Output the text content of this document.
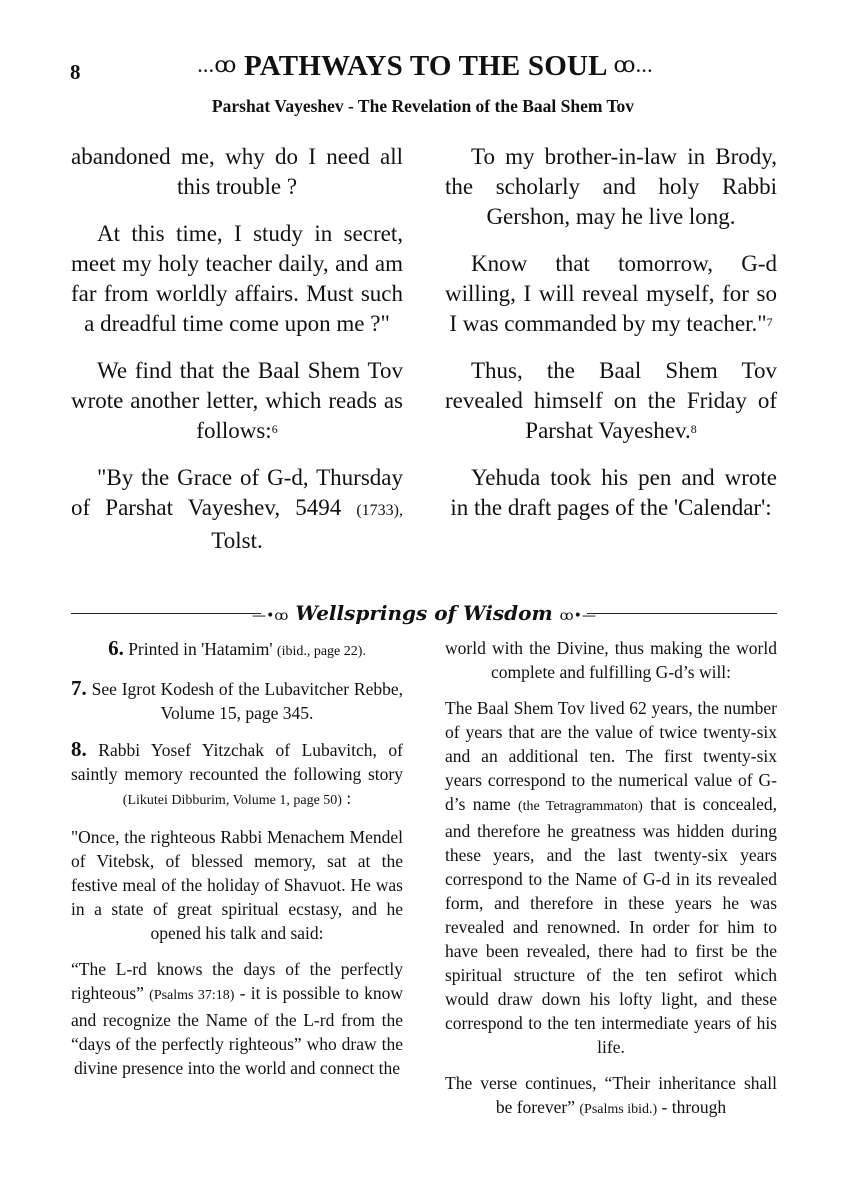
8	...ꝏ PATHWAYS TO THE SOUL ꝏ...
Parshat Vayeshev - The Revelation of the Baal Shem Tov

abandoned me, why do I need all this trouble ?

At this time, I study in secret, meet my holy teacher daily, and am far from worldly affairs. Must such a dreadful time come upon me ?"

We find that the Baal Shem Tov wrote another letter, which reads as follows:$^6$

"By the Grace of G-d, Thursday of Parshat Vayeshev, 5494 (1733), Tolst.

To my brother-in-law in Brody, the scholarly and holy Rabbi Gershon, may he live long.

Know that tomorrow, G-d willing, I will reveal myself, for so I was commanded by my teacher."$^7$

Thus, the Baal Shem Tov revealed himself on the Friday of Parshat Vayeshev.$^8$

Yehuda took his pen and wrote in the draft pages of the 'Calendar':

—•ꝏ Wellsprings of Wisdom ꝏ•—

6. Printed in 'Hatamim' (ibid., page 22).

7. See Igrot Kodesh of the Lubavitcher Rebbe, Volume 15, page 345.

8. Rabbi Yosef Yitzchak of Lubavitch, of saintly memory recounted the following story (Likutei Dibburim, Volume 1, page 50) :

"Once, the righteous Rabbi Menachem Mendel of Vitebsk, of blessed memory, sat at the festive meal of the holiday of Shavuot. He was in a state of great spiritual ecstasy, and he opened his talk and said:

“The L-rd knows the days of the perfectly righteous” (Psalms 37:18) - it is possible to know and recognize the Name of the L-rd from the “days of the perfectly righteous” who draw the divine presence into the world and connect the

world with the Divine, thus making the world complete and fulfilling G-d’s will:

The Baal Shem Tov lived 62 years, the number of years that are the value of twice twenty-six and an additional ten. The first twenty-six years correspond to the numerical value of G-d’s name (the Tetragrammaton) that is concealed, and therefore he greatness was hidden during these years, and the last twenty-six years correspond to the Name of G-d in its revealed form, and therefore in these years he was revealed and renowned. In order for him to have been revealed, there had to first be the spiritual structure of the ten sefirot which would draw down his lofty light, and these correspond to the ten intermediate years of his life.

The verse continues, “Their inheritance shall be forever” (Psalms ibid.) - through
